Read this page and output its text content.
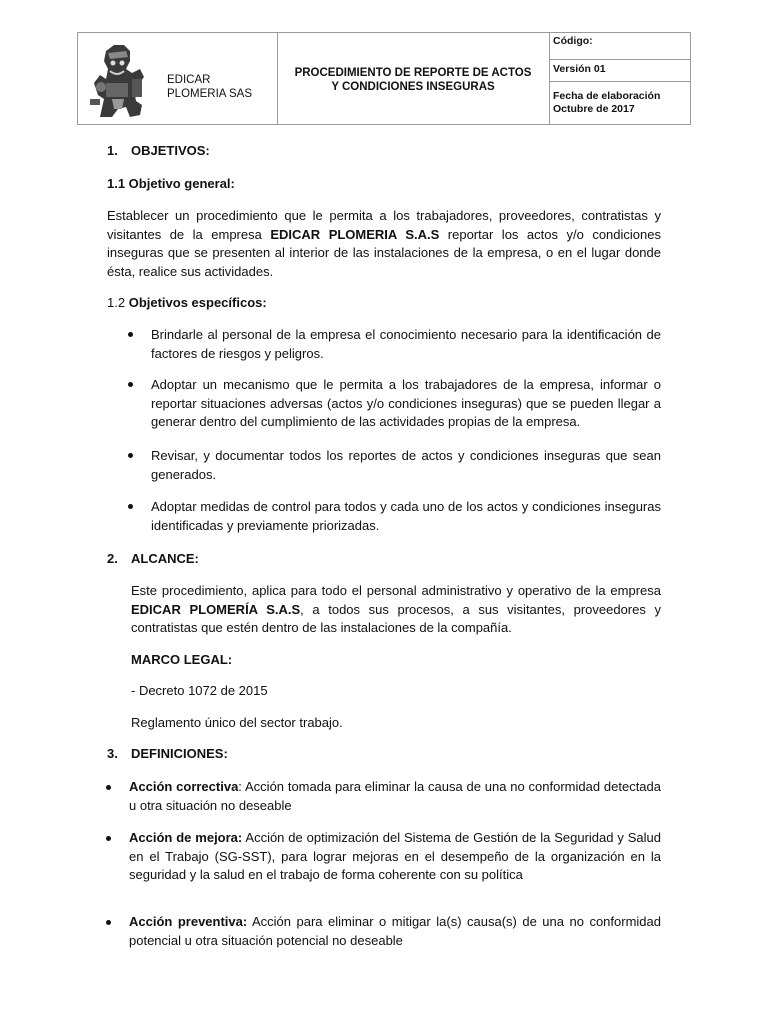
EDICAR
PLOMERIA SAS
PROCEDIMIENTO DE REPORTE DE ACTOS
Y CONDICIONES INSEGURAS
Código:
Versión 01
Fecha de elaboración
Octubre de 2017
1. OBJETIVOS:
1.1 Objetivo general:

Establecer un procedimiento que le permita a los trabajadores, proveedores, contratistas y visitantes de la empresa EDICAR PLOMERIA S.A.S reportar los actos y/o condiciones inseguras que se presenten al interior de las instalaciones de la empresa, o en el lugar donde ésta, realice sus actividades.

1.2 Objetivos específicos:

Brindarle al personal de la empresa el conocimiento necesario para la identificación de factores de riesgos y peligros.

Adoptar un mecanismo que le permita a los trabajadores de la empresa, informar o reportar situaciones adversas (actos y/o condiciones inseguras) que se pueden llegar a generar dentro del cumplimiento de las actividades propias de la empresa.

Revisar, y documentar todos los reportes de actos y condiciones inseguras que sean generados.

Adoptar medidas de control para todos y cada uno de los actos y condiciones inseguras identificadas y previamente priorizadas.

2. ALCANCE:

Este procedimiento, aplica para todo el personal administrativo y operativo de la empresa EDICAR PLOMERÍA S.A.S, a todos sus procesos, a sus visitantes, proveedores y contratistas que estén dentro de las instalaciones de la compañía.

MARCO LEGAL:

- Decreto 1072 de 2015

Reglamento único del sector trabajo.

3. DEFINICIONES:

Acción correctiva: Acción tomada para eliminar la causa de una no conformidad detectada u otra situación no deseable

Acción de mejora: Acción de optimización del Sistema de Gestión de la Seguridad y Salud en el Trabajo (SG-SST), para lograr mejoras en el desempeño de la organización en la seguridad y la salud en el trabajo de forma coherente con su política

Acción preventiva: Acción para eliminar o mitigar la(s) causa(s) de una no conformidad potencial u otra situación potencial no deseable
